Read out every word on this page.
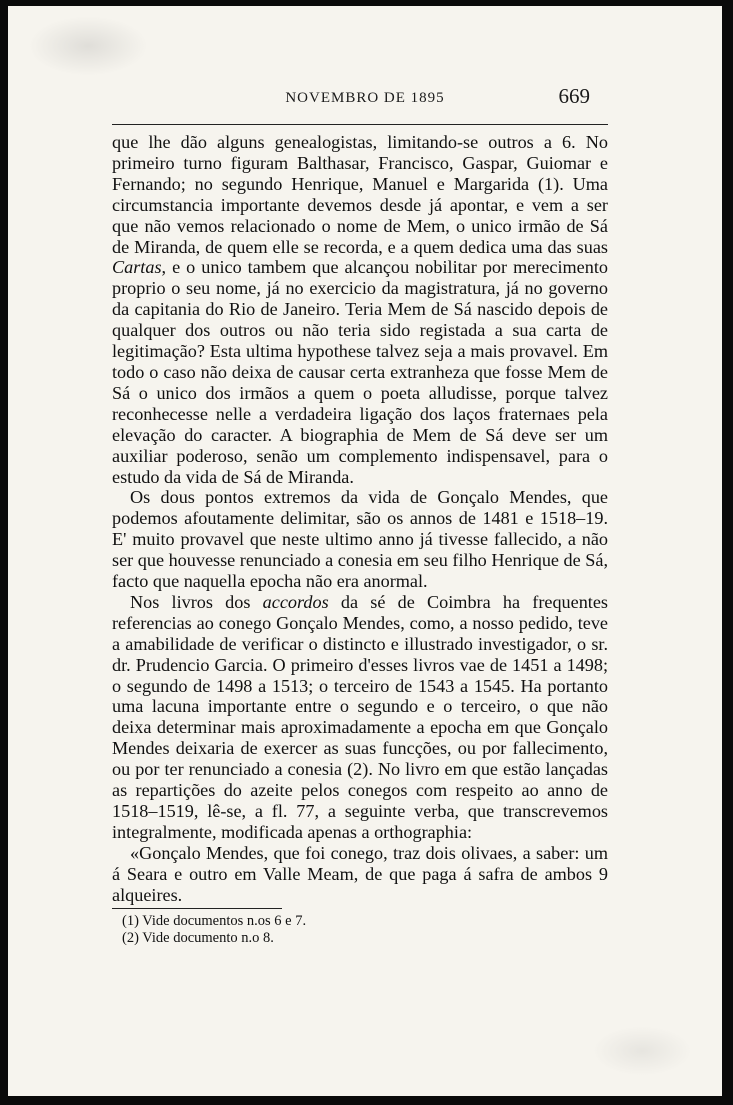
NOVEMBRO DE 1895	669

que lhe dão alguns genealogistas, limitando-se outros a 6. No primeiro turno figuram Balthasar, Francisco, Gaspar, Guiomar e Fernando; no segundo Henrique, Manuel e Margarida (1). Uma circumstancia importante devemos desde já apontar, e vem a ser que não vemos relacionado o nome de Mem, o unico irmão de Sá de Miranda, de quem elle se recorda, e a quem dedica uma das suas Cartas, e o unico tambem que alcançou nobilitar por merecimento proprio o seu nome, já no exercicio da magistratura, já no governo da capitania do Rio de Janeiro. Teria Mem de Sá nascido depois de qualquer dos outros ou não teria sido registada a sua carta de legitimação? Esta ultima hypothese talvez seja a mais provavel. Em todo o caso não deixa de causar certa extranheza que fosse Mem de Sá o unico dos irmãos a quem o poeta alludisse, porque talvez reconhecesse nelle a verdadeira ligação dos laços fraternaes pela elevação do caracter. A biographia de Mem de Sá deve ser um auxiliar poderoso, senão um complemento indispensavel, para o estudo da vida de Sá de Miranda.

Os dous pontos extremos da vida de Gonçalo Mendes, que podemos afoutamente delimitar, são os annos de 1481 e 1518–19. E' muito provavel que neste ultimo anno já tivesse fallecido, a não ser que houvesse renunciado a conesia em seu filho Henrique de Sá, facto que naquella epocha não era anormal.

Nos livros dos accordos da sé de Coimbra ha frequentes referencias ao conego Gonçalo Mendes, como, a nosso pedido, teve a amabilidade de verificar o distincto e illustrado investigador, o sr. dr. Prudencio Garcia. O primeiro d'esses livros vae de 1451 a 1498; o segundo de 1498 a 1513; o terceiro de 1543 a 1545. Ha portanto uma lacuna importante entre o segundo e o terceiro, o que não deixa determinar mais aproximadamente a epocha em que Gonçalo Mendes deixaria de exercer as suas funcções, ou por fallecimento, ou por ter renunciado a conesia (2). No livro em que estão lançadas as repartições do azeite pelos conegos com respeito ao anno de 1518–1519, lê-se, a fl. 77, a seguinte verba, que transcrevemos integralmente, modificada apenas a orthographia:

«Gonçalo Mendes, que foi conego, traz dois olivaes, a saber: um á Seara e outro em Valle Meam, de que paga á safra de ambos 9 alqueires.

(1) Vide documentos n.os 6 e 7.
(2) Vide documento n.o 8.
